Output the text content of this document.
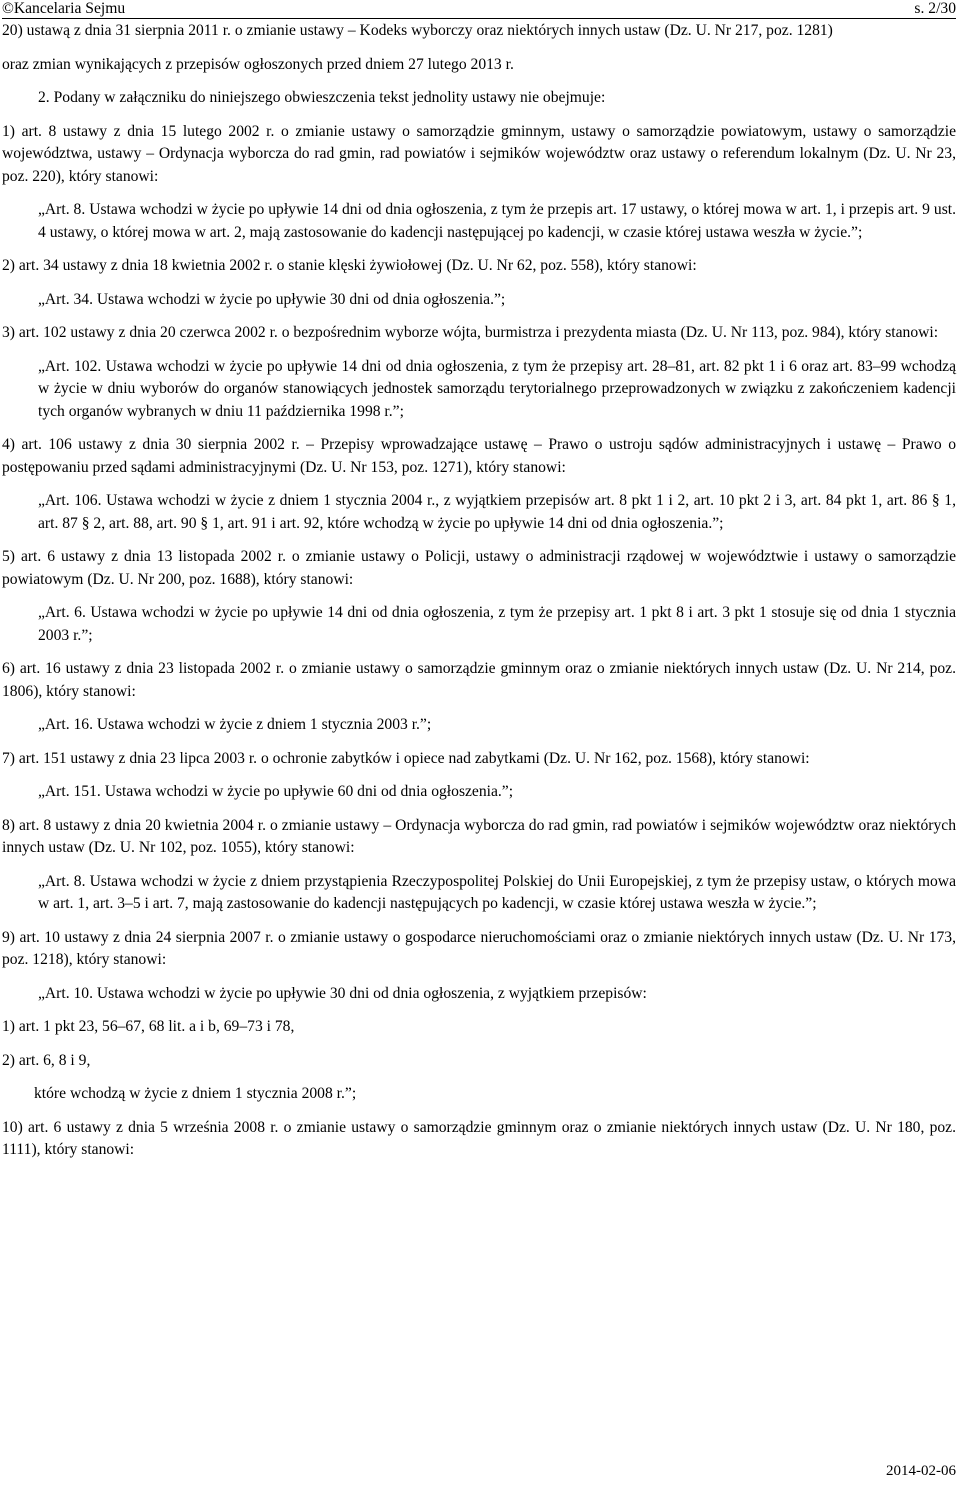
©Kancelaria Sejmu	s. 2/30

20) ustawą z dnia 31 sierpnia 2011 r. o zmianie ustawy – Kodeks wyborczy oraz niektórych innych ustaw (Dz. U. Nr 217, poz. 1281)

oraz zmian wynikających z przepisów ogłoszonych przed dniem 27 lutego 2013 r.

2. Podany w załączniku do niniejszego obwieszczenia tekst jednolity ustawy nie obejmuje:

1) art. 8 ustawy z dnia 15 lutego 2002 r. o zmianie ustawy o samorządzie gminnym, ustawy o samorządzie powiatowym, ustawy o samorządzie województwa, ustawy – Ordynacja wyborcza do rad gmin, rad powiatów i sejmików województw oraz ustawy o referendum lokalnym (Dz. U. Nr 23, poz. 220), który stanowi:

„Art. 8. Ustawa wchodzi w życie po upływie 14 dni od dnia ogłoszenia, z tym że przepis art. 17 ustawy, o której mowa w art. 1, i przepis art. 9 ust. 4 ustawy, o której mowa w art. 2, mają zastosowanie do kadencji następującej po kadencji, w czasie której ustawa weszła w życie.”;

2) art. 34 ustawy z dnia 18 kwietnia 2002 r. o stanie klęski żywiołowej (Dz. U. Nr 62, poz. 558), który stanowi:

„Art. 34. Ustawa wchodzi w życie po upływie 30 dni od dnia ogłoszenia.”;

3) art. 102 ustawy z dnia 20 czerwca 2002 r. o bezpośrednim wyborze wójta, burmistrza i prezydenta miasta (Dz. U. Nr 113, poz. 984), który stanowi:

„Art. 102. Ustawa wchodzi w życie po upływie 14 dni od dnia ogłoszenia, z tym że przepisy art. 28–81, art. 82 pkt 1 i 6 oraz art. 83–99 wchodzą w życie w dniu wyborów do organów stanowiących jednostek samorządu terytorialnego przeprowadzonych w związku z zakończeniem kadencji tych organów wybranych w dniu 11 października 1998 r.”;

4) art. 106 ustawy z dnia 30 sierpnia 2002 r. – Przepisy wprowadzające ustawę – Prawo o ustroju sądów administracyjnych i ustawę – Prawo o postępowaniu przed sądami administracyjnymi (Dz. U. Nr 153, poz. 1271), który stanowi:

„Art. 106. Ustawa wchodzi w życie z dniem 1 stycznia 2004 r., z wyjątkiem przepisów art. 8 pkt 1 i 2, art. 10 pkt 2 i 3, art. 84 pkt 1, art. 86 § 1, art. 87 § 2, art. 88, art. 90 § 1, art. 91 i art. 92, które wchodzą w życie po upływie 14 dni od dnia ogłoszenia.”;

5) art. 6 ustawy z dnia 13 listopada 2002 r. o zmianie ustawy o Policji, ustawy o administracji rządowej w województwie i ustawy o samorządzie powiatowym (Dz. U. Nr 200, poz. 1688), który stanowi:

„Art. 6. Ustawa wchodzi w życie po upływie 14 dni od dnia ogłoszenia, z tym że przepisy art. 1 pkt 8 i art. 3 pkt 1 stosuje się od dnia 1 stycznia 2003 r.”;

6) art. 16 ustawy z dnia 23 listopada 2002 r. o zmianie ustawy o samorządzie gminnym oraz o zmianie niektórych innych ustaw (Dz. U. Nr 214, poz. 1806), który stanowi:

„Art. 16. Ustawa wchodzi w życie z dniem 1 stycznia 2003 r.”;

7) art. 151 ustawy z dnia 23 lipca 2003 r. o ochronie zabytków i opiece nad zabytkami (Dz. U. Nr 162, poz. 1568), który stanowi:

„Art. 151. Ustawa wchodzi w życie po upływie 60 dni od dnia ogłoszenia.”;

8) art. 8 ustawy z dnia 20 kwietnia 2004 r. o zmianie ustawy – Ordynacja wyborcza do rad gmin, rad powiatów i sejmików województw oraz niektórych innych ustaw (Dz. U. Nr 102, poz. 1055), który stanowi:

„Art. 8. Ustawa wchodzi w życie z dniem przystąpienia Rzeczypospolitej Polskiej do Unii Europejskiej, z tym że przepisy ustaw, o których mowa w art. 1, art. 3–5 i art. 7, mają zastosowanie do kadencji następujących po kadencji, w czasie której ustawa weszła w życie.”;

9) art. 10 ustawy z dnia 24 sierpnia 2007 r. o zmianie ustawy o gospodarce nieruchomościami oraz o zmianie niektórych innych ustaw (Dz. U. Nr 173, poz. 1218), który stanowi:

„Art. 10. Ustawa wchodzi w życie po upływie 30 dni od dnia ogłoszenia, z wyjątkiem przepisów:

1) art. 1 pkt 23, 56–67, 68 lit. a i b, 69–73 i 78,

2) art. 6, 8 i 9,

które wchodzą w życie z dniem 1 stycznia 2008 r.”;

10) art. 6 ustawy z dnia 5 września 2008 r. o zmianie ustawy o samorządzie gminnym oraz o zmianie niektórych innych ustaw (Dz. U. Nr 180, poz. 1111), który stanowi:

2014-02-06
